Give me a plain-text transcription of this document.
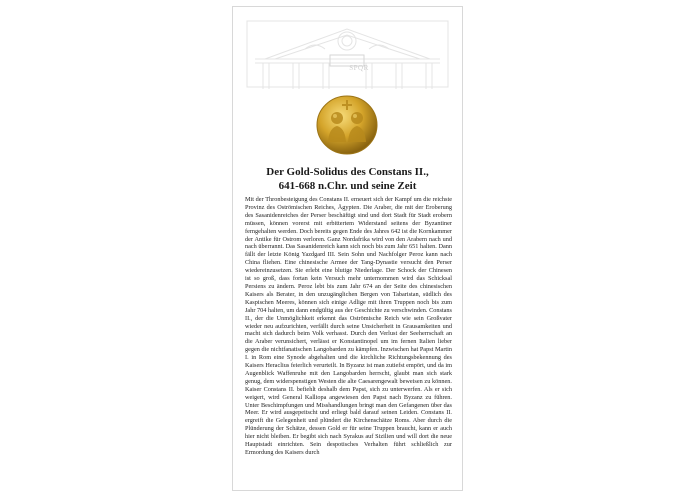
SPQR
Der Gold-Solidus des Constans II.,
641-668 n.Chr. und seine Zeit
Mit der Thronbesteigung des Constans II. erneuert sich der Kampf um die reichste Provinz des Oströmischen Reiches, Ägypten. Die Araber, die mit der Eroberung des Sasanidenreiches der Perser beschäftigt sind und dort Stadt für Stadt erobern müssen, können vorerst mit erbittertem Widerstand seitens der Byzantiner ferngehalten werden. Doch bereits gegen Ende des Jahres 642 ist die Kornkammer der Antike für Ostrom verloren. Ganz Nordafrika wird von den Arabern nach und nach überrannt. Das Sasanidenreich kann sich noch bis zum Jahr 651 halten. Dann fällt der letzte König Yazdgard III. Sein Sohn und Nachfolger Peroz kann nach China fliehen. Eine chinesische Armee der Tang-Dynastie versucht den Perser wiedereinzusetzen. Sie erlebt eine blutige Niederlage. Der Schock der Chinesen ist so groß, dass fortan kein Versuch mehr unternommen wird das Schicksal Persiens zu ändern. Peroz lebt bis zum Jahr 674 an der Seite des chinesischen Kaisers als Berater, in den unzugänglichen Bergen von Tabaristan, südlich des Kaspischen Meeres, können sich einige Adlige mit ihren Truppen noch bis zum Jahr 704 halten, um dann endgültig aus der Geschichte zu verschwinden. Constans II., der die Unmöglichkeit erkennt das Oströmische Reich wie sein Großvater wieder neu aufzurichten, verfällt durch seine Unsicherheit in Grausamkeiten und macht sich dadurch beim Volk verhasst. Durch den Verlust der Seeherrschaft an die Araber verunsichert, verlässt er Konstantinopel um im fernen Italien lieber gegen die nichtfanatischen Langobarden zu kämpfen. Inzwischen hat Papst Martin I. in Rom eine Synode abgehalten und die kirchliche Richtungsbekennung des Kaisers Heraclius feierlich verurteilt. In Byzanz ist man zutiefst empört, und da im Augenblick Waffenruhe mit den Langobarden herrscht, glaubt man sich stark genug, dem widerspenstigen Westen die alte Caesarengewalt beweisen zu können. Kaiser Constans II. befiehlt deshalb dem Papst, sich zu unterwerfen. Als er sich weigert, wird General Kalliopa angewiesen den Papst nach Byzanz zu führen. Unter Beschimpfungen und Misshandlungen bringt man den Gefangenen über das Meer. Er wird ausgepeitscht und erliegt bald darauf seinen Leiden. Constans II. ergreift die Gelegenheit und plündert die Kirchenschätze Roms. Aber durch die Plünderung der Schätze, dessen Gold er für seine Truppen braucht, kann er auch hier nicht bleiben. Er begibt sich nach Syrakus auf Sizilien und will dort die neue Hauptstadt einrichten. Sein despotisches Verhalten führt schließlich zur Ermordung des Kaisers durch
